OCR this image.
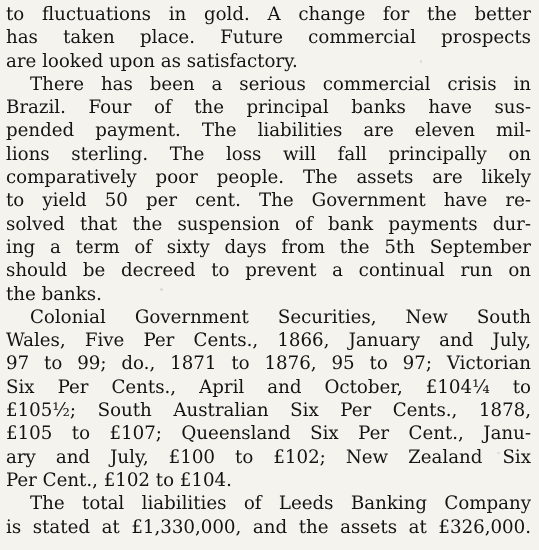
to fluctuations in gold. A change for the better
has taken place. Future commercial prospects
are looked upon as satisfactory.
There has been a serious commercial crisis in
Brazil. Four of the principal banks have sus-
pended payment. The liabilities are eleven mil-
lions sterling. The loss will fall principally on
comparatively poor people. The assets are likely
to yield 50 per cent. The Government have re-
solved that the suspension of bank payments dur-
ing a term of sixty days from the 5th September
should be decreed to prevent a continual run on
the banks.
Colonial Government Securities, New South
Wales, Five Per Cents., 1866, January and July,
97 to 99; do., 1871 to 1876, 95 to 97; Victorian
Six Per Cents., April and October, £104¼ to
£105½; South Australian Six Per Cents., 1878,
£105 to £107; Queensland Six Per Cent., Janu-
ary and July, £100 to £102; New Zealand Six
Per Cent., £102 to £104.
The total liabilities of Leeds Banking Company
is stated at £1,330,000, and the assets at £326,000.
